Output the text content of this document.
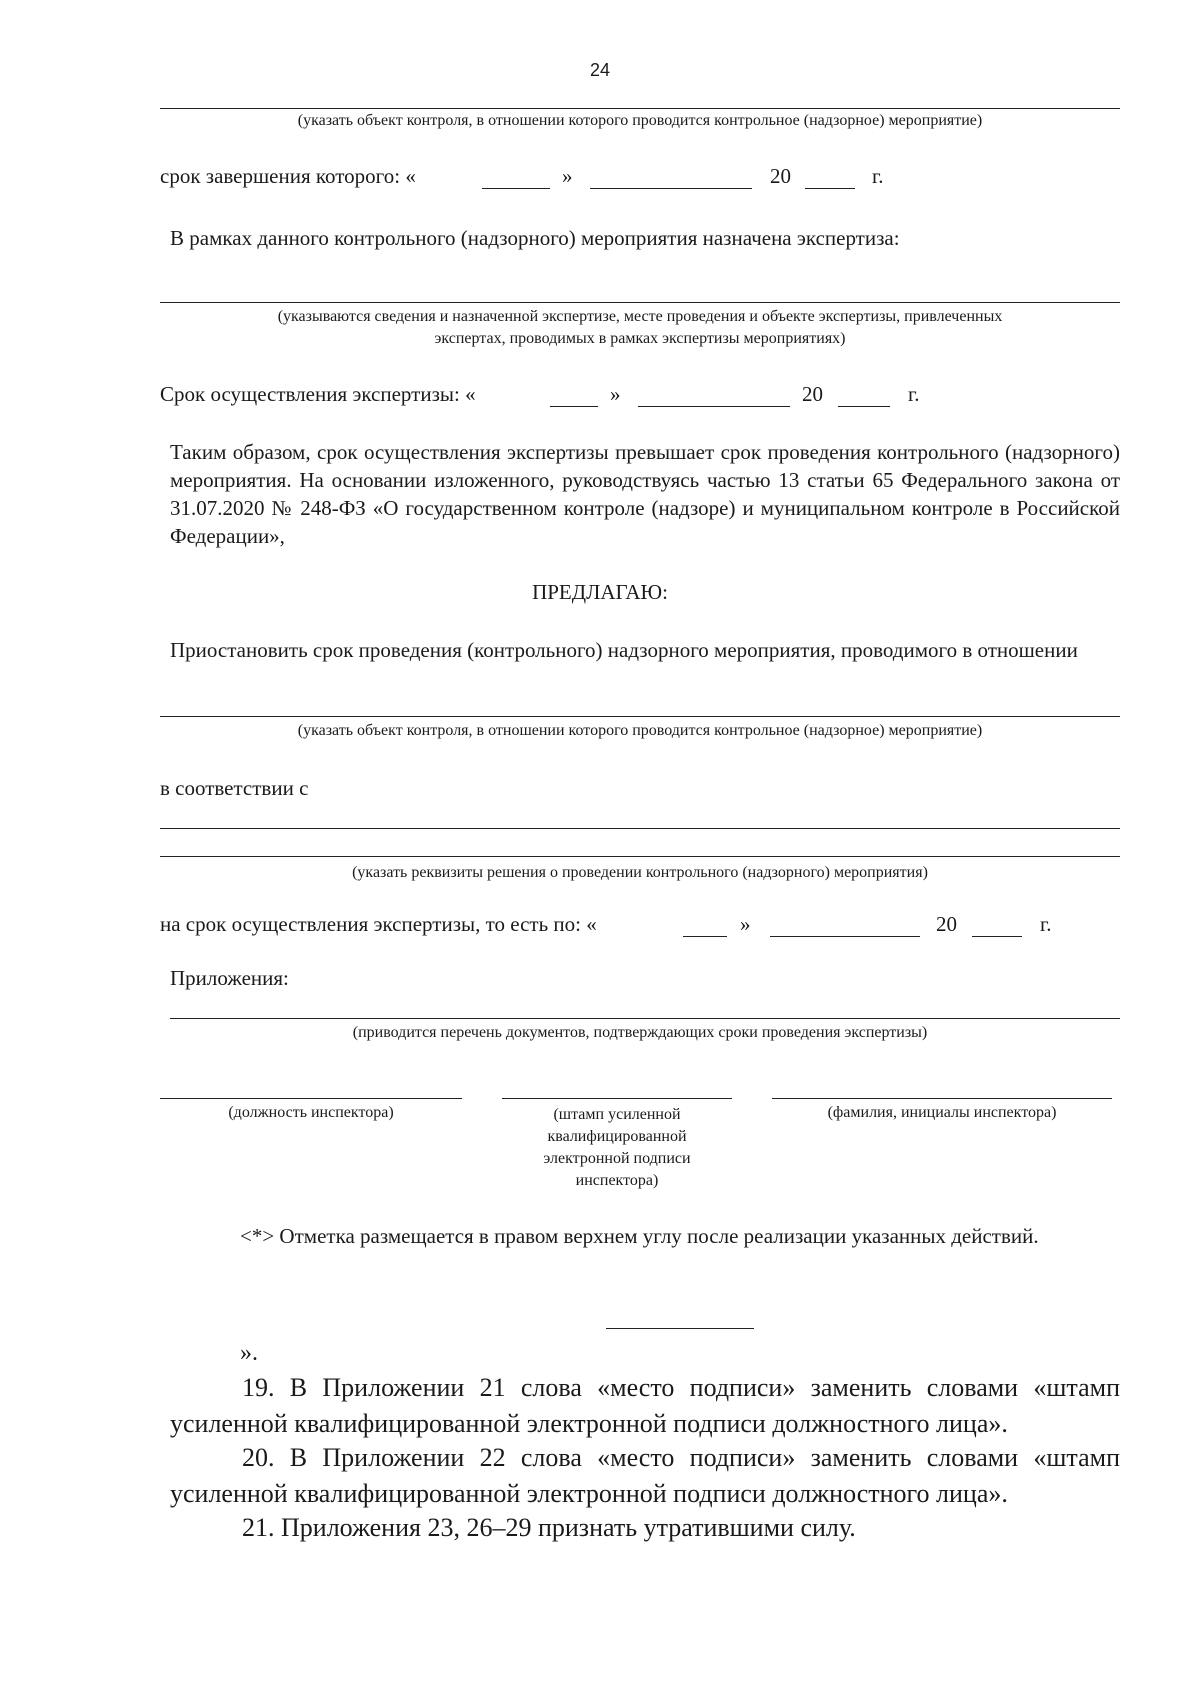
24
(указать объект контроля, в отношении которого проводится контрольное (надзорное) мероприятие)
срок завершения которого: «	»	20	г.
В рамках данного контрольного (надзорного) мероприятия назначена экспертиза:
(указываются сведения и назначенной экспертизе, месте проведения и объекте экспертизы, привлеченных
экспертах, проводимых в рамках экспертизы мероприятиях)
Срок осуществления экспертизы: «	»	20	г.
Таким образом, срок осуществления экспертизы превышает срок проведения контрольного (надзорного) мероприятия. На основании изложенного, руководствуясь частью 13 статьи 65 Федерального закона от 31.07.2020 № 248-ФЗ «О государственном контроле (надзоре) и муниципальном контроле в Российской Федерации»,
ПРЕДЛАГАЮ:
Приостановить срок проведения (контрольного) надзорного мероприятия, проводимого в отношении
(указать объект контроля, в отношении которого проводится контрольное (надзорное) мероприятие)
в соответствии с
(указать реквизиты решения о проведении контрольного (надзорного) мероприятия)
на срок осуществления экспертизы, то есть по: «	»	20	г.
Приложения:
(приводится перечень документов, подтверждающих сроки проведения экспертизы)
(должность инспектора)	(штамп усиленной
квалифицированной
электронной подписи
инспектора)
(фамилия, инициалы инспектора)
<*> Отметка размещается в правом верхнем углу после реализации указанных действий.
».
19. В Приложении 21 слова «место подписи» заменить словами «штамп усиленной квалифицированной электронной подписи должностного лица».
20. В Приложении 22 слова «место подписи» заменить словами «штамп усиленной квалифицированной электронной подписи должностного лица».
21. Приложения 23, 26–29 признать утратившими силу.
